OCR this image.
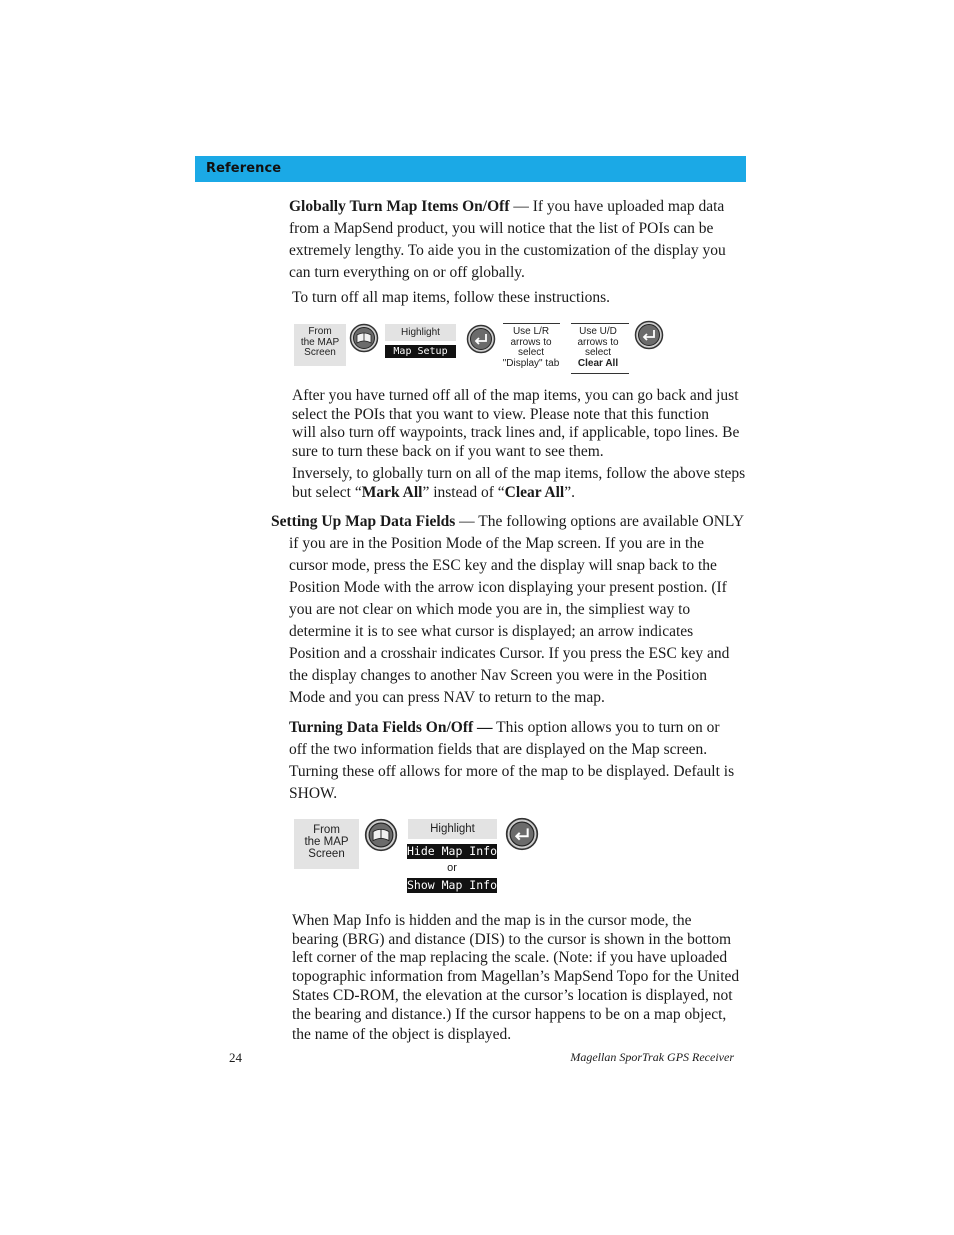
Reference
Globally Turn Map Items On/Off — If you have uploaded map data
from a MapSend product, you will notice that the list of POIs can be
extremely lengthy. To aide you in the customization of the display you
can turn everything on or off globally.
To turn off all map items, follow these instructions.
From
the MAP
Screen
Highlight
Map Setup
Use L/R
arrows to
select
"Display" tab
Use U/D
arrows to
select
Clear All
After you have turned off all of the map items, you can go back and just
select the POIs that you want to view. Please note that this function
will also turn off waypoints, track lines and, if applicable, topo lines. Be
sure to turn these back on if you want to see them.
Inversely, to globally turn on all of the map items, follow the above steps
but select “Mark All” instead of “Clear All”.
Setting Up Map Data Fields — The following options are available ONLY
if you are in the Position Mode of the Map screen. If you are in the
cursor mode, press the ESC key and the display will snap back to the
Position Mode with the arrow icon displaying your present postion. (If
you are not clear on which mode you are in, the simpliest way to
determine it is to see what cursor is displayed; an arrow indicates
Position and a crosshair indicates Cursor. If you press the ESC key and
the display changes to another Nav Screen you were in the Position
Mode and you can press NAV to return to the map.
Turning Data Fields On/Off — This option allows you to turn on or
off the two information fields that are displayed on the Map screen.
Turning these off allows for more of the map to be displayed. Default is
SHOW.
From
the MAP
Screen
Highlight
Hide Map Info
or
Show Map Info
When Map Info is hidden and the map is in the cursor mode, the
bearing (BRG) and distance (DIS) to the cursor is shown in the bottom
left corner of the map replacing the scale. (Note: if you have uploaded
topographic information from Magellan’s MapSend Topo for the United
States CD-ROM, the elevation at the cursor’s location is displayed, not
the bearing and distance.) If the cursor happens to be on a map object,
the name of the object is displayed.
24	Magellan SporTrak GPS Receiver
